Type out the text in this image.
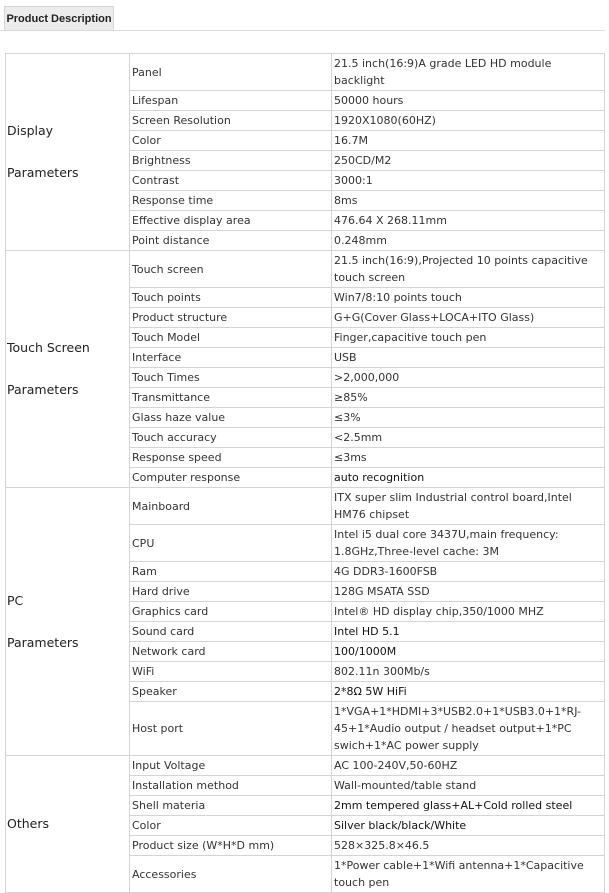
Product Description
Display
Parameters	Panel	21.5 inch(16:9)A grade LED HD module backlight
	Lifespan	50000 hours
	Screen Resolution	1920X1080(60HZ)
	Color	16.7M
	Brightness	250CD/M2
	Contrast	3000:1
	Response time	8ms
	Effective display area	476.64 X 268.11mm
	Point distance	0.248mm

Touch Screen
Parameters	Touch screen	21.5 inch(16:9),Projected 10 points capacitive touch screen
	Touch points	Win7/8:10 points touch
	Product structure	G+G(Cover Glass+LOCA+ITO Glass)
	Touch Model	Finger,capacitive touch pen
	Interface	USB
	Touch Times	>2,000,000
	Transmittance	≥85%
	Glass haze value	≤3%
	Touch accuracy	<2.5mm
	Response speed	≤3ms
	Computer response	auto recognition

PC
Parameters	Mainboard	ITX super slim Industrial control board,Intel HM76 chipset
	CPU	Intel i5 dual core 3437U,main frequency: 1.8GHz,Three-level cache: 3M
	Ram	4G DDR3-1600FSB
	Hard drive	128G MSATA SSD
	Graphics card	Intel® HD display chip,350/1000 MHZ
	Sound card	Intel HD 5.1
	Network card	100/1000M
	WiFi	802.11n 300Mb/s
	Speaker	2*8Ω 5W HiFi
	Host port	1*VGA+1*HDMI+3*USB2.0+1*USB3.0+1*RJ-45+1*Audio output / headset output+1*PC swich+1*AC power supply

Others	Input Voltage	AC 100-240V,50-60HZ
	Installation method	Wall-mounted/table stand
	Shell materia	2mm tempered glass+AL+Cold rolled steel
	Color	Silver black/black/White
	Product size (W*H*D mm)	528×325.8×46.5
	Accessories	1*Power cable+1*Wifi antenna+1*Capacitive touch pen
